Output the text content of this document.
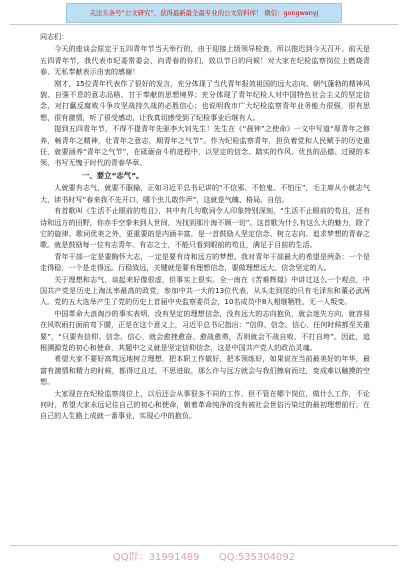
关注头条号“公文研究”，获得最新最全最专业的公文资料库！ 微信：gongwenyj

同志们：

今天的座谈会原定于五四青年节当天举行的，由于迎接上级领导检查，所以推迟到今天召开。前天是五四青年节，我代表市纪委常委会，向青春的你们，致以节日的问候！对大家在纪检监察岗位上燃烧青春、无私奉献表示由衷的感谢！

刚才，15位青年代表作了很好的发言，充分体现了当代青年报效祖国的远大志向、朝气蓬勃的精神风貌、自强不息的意志品格、甘于奉献的思想境界；充分体现了青年纪检人对中国特色社会主义的坚定信念，对打赢反腐败斗争攻坚战持久战的必胜信心；也说明我市广大纪检监察青年业务能力很强，很有思想，很有激情，听了很受感动，让我真切感受到了纪检事业后继有人。

提到五四青年节，不得不提青年先驱李大钊先生！先生在《“晨钟”之使命》一文中写道“厚青年之修养，畅青年之精神，壮青年之意志，期青年之气节”。作为纪检监察青年，担负着党和人民赋予的历史重任，就要涵养“青年之气节”，在砥砺奋斗的进程中，以坚定的信念、踏实的作风、优良的品德、过硬的本领，书写无愧于时代的青春华章。

一、要立“志气”。

人就要有志气，就要不服输，正如习近平总书记讲的“不信邪、不怕鬼、不怕压”，毛主席从小就志气大，读书时写“春来我不先开口，哪个虫儿敢作声”，这就是气魄、格局、自信。

有首歌叫《生活不止眼前的苟且》，其中有几句歌词令人印象特别深刻，“生活不止眼前的苟且，还有诗和远方的田野，你赤手空拳来到人世间，为找到那片海不顾一切”。这首歌为什么有这么大的魅力，除了它的旋律、歌词优美之外，更重要的是内涵丰富，是一首鼓励人坚定信念、树立志向、追求梦想的青春之歌。就是鼓励每一位有志青年、有志之士，不能只看到眼前的苟且，满足于目前的生活。

青年干部一定是要胸怀大志，一定是要有诗和远方的梦想。我对青年干部最大的希望是两条：一个是走得稳，一个是走得远。行稳致远，关键就是要有理想信念，要做理想远大、信念坚定的人。

关于理想和志气，谈起来好像很虚，但事实上很实。全一南在《苦难辉煌》中讲过这么一个观点，中国共产党是历史上淘汰率最高的政党，参加中共一大的13位代表，从头走到尾的只有毛泽东和董必武两人。党的五大选举产生了党的历史上首届中央监察委员会，10名成员中8人相继牺牲，无一人叛变。

中国革命大浪淘沙的事实表明，没有坚定的理想信念，没有远大的志向抱负，就会迷失方向，就容易在风吹雨打面前弯下腰，正是在这个意义上，习近平总书记指出：“信仰、信念、信心，任何时候都至关重要”，“只要有信仰、信念、信心，就会愈挫愈奋、愈战愈勇，否则就会不战自败、不打自垮”。因此，追根溯源党的初心和使命，其题中之义就是坚定信仰信念，这是中国共产党人的政治灵魂。

希望大家不要好高骛远地树立理想，把本职工作做好，把本领练好，如果说在当前最美好的年华，最富有激情和精力的时候，都得过且过，不思进取，那么许与远方就会与我们擦肩而过，变成难以触摸的空想。

大家现在在纪检监察岗位上，以后还会从事很多不同的工作，但不管在哪个岗位，做什么工作，不论何时，希望大家永远记住自己的初心和使命，朝着革命纯净的没有被社会世俗污染过的最初理想前行，在自己的人生路上成就一番事业，实现心中的抱负。

QQ群：31991489 QQ:535304092
